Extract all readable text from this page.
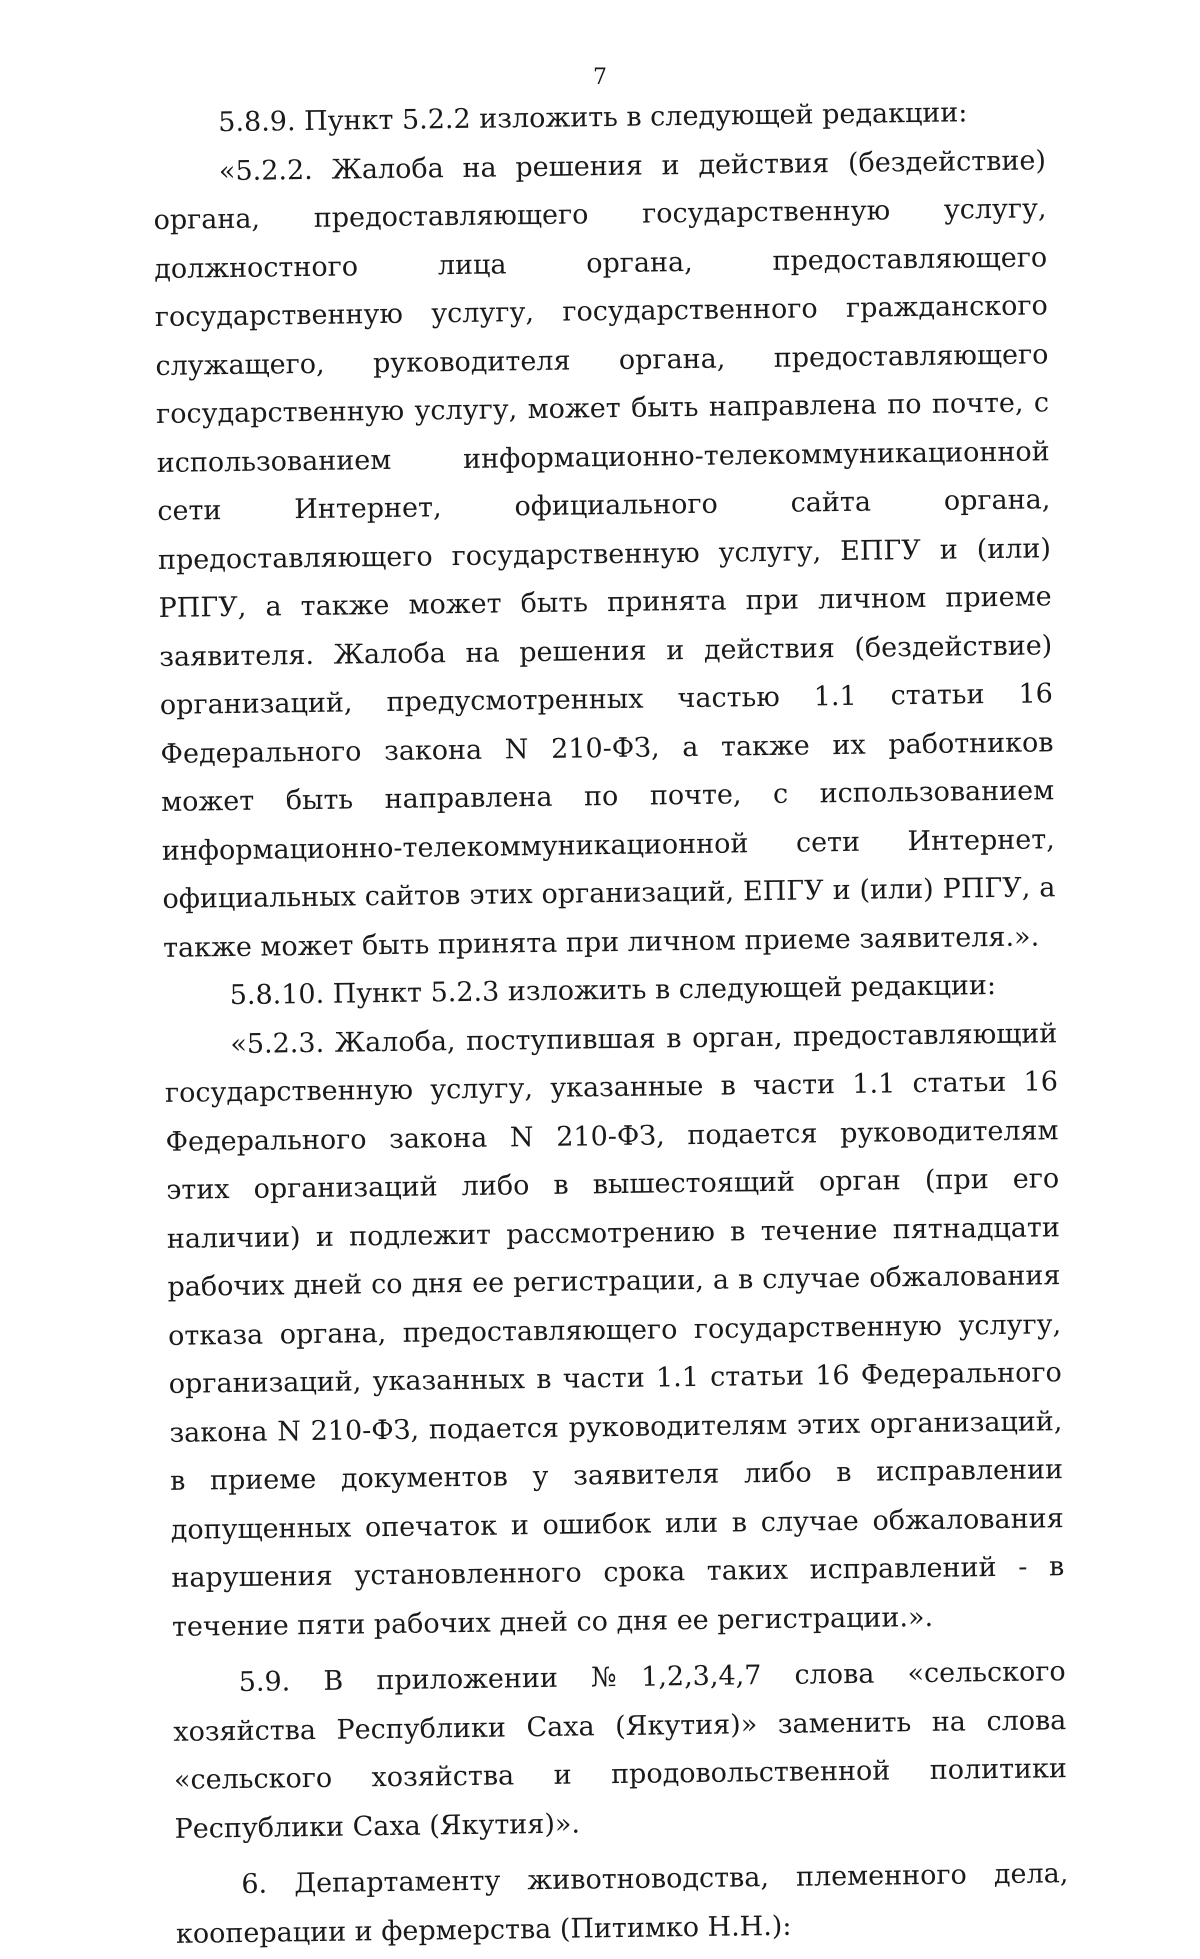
7

5.8.9. Пункт 5.2.2 изложить в следующей редакции:

«5.2.2. Жалоба на решения и действия (бездействие) органа, предоставляющего государственную услугу, должностного лица органа, предоставляющего государственную услугу, государственного гражданского служащего, руководителя органа, предоставляющего государственную услугу, может быть направлена по почте, с использованием информационно-телекоммуникационной сети Интернет, официального сайта органа, предоставляющего государственную услугу, ЕПГУ и (или) РПГУ, а также может быть принята при личном приеме заявителя. Жалоба на решения и действия (бездействие) организаций, предусмотренных частью 1.1 статьи 16 Федерального закона N 210-ФЗ, а также их работников может быть направлена по почте, с использованием информационно-телекоммуникационной сети Интернет, официальных сайтов этих организаций, ЕПГУ и (или) РПГУ, а также может быть принята при личном приеме заявителя.».

5.8.10. Пункт 5.2.3 изложить в следующей редакции:

«5.2.3. Жалоба, поступившая в орган, предоставляющий государственную услугу, указанные в части 1.1 статьи 16 Федерального закона N 210-ФЗ, подается руководителям этих организаций либо в вышестоящий орган (при его наличии) и подлежит рассмотрению в течение пятнадцати рабочих дней со дня ее регистрации, а в случае обжалования отказа органа, предоставляющего государственную услугу, организаций, указанных в части 1.1 статьи 16 Федерального закона N 210-ФЗ, подается руководителям этих организаций, в приеме документов у заявителя либо в исправлении допущенных опечаток и ошибок или в случае обжалования нарушения установленного срока таких исправлений - в течение пяти рабочих дней со дня ее регистрации.».

5.9. В приложении №1,2,3,4,7 слова «сельского хозяйства Республики Саха (Якутия)» заменить на слова «сельского хозяйства и продовольственной политики Республики Саха (Якутия)».

6. Департаменту животноводства, племенного дела, кооперации и фермерства (Питимко Н.Н.):
